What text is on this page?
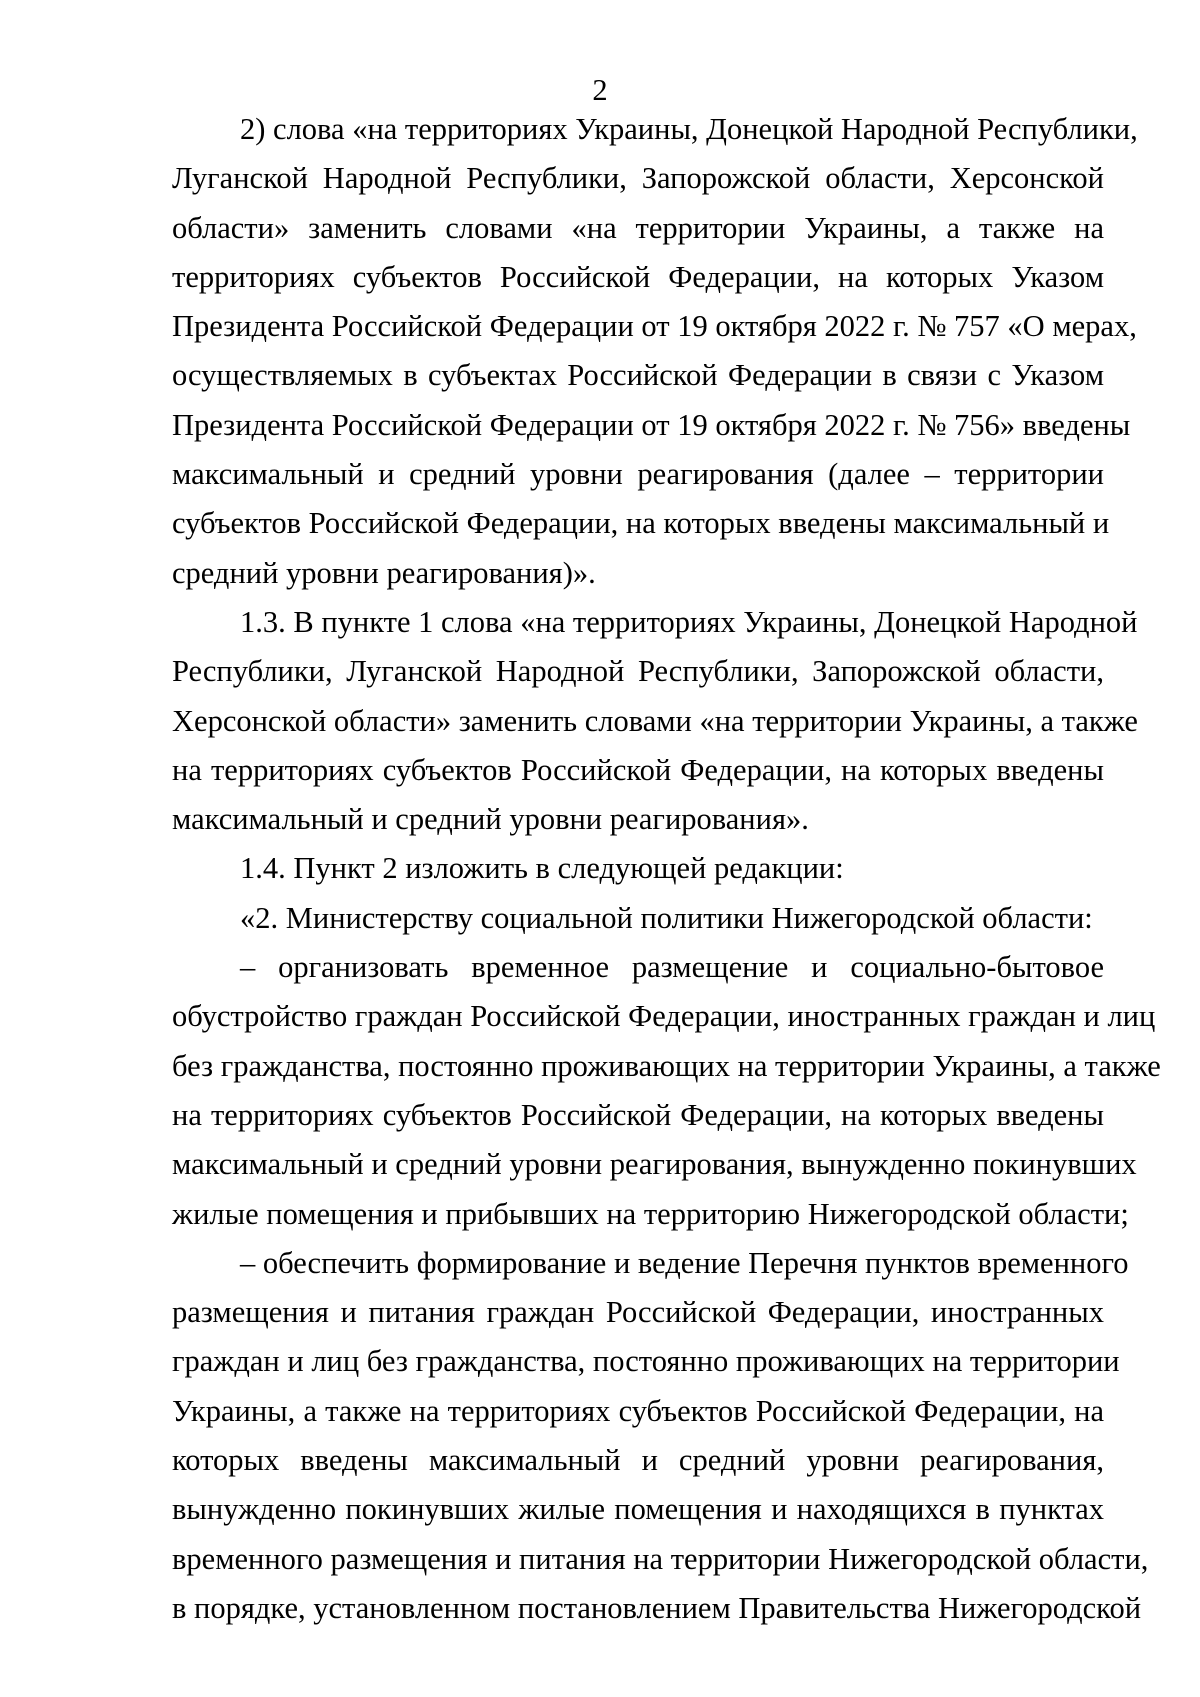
2

2) слова «на территориях Украины, Донецкой Народной Республики,
Луганской Народной Республики, Запорожской области, Херсонской
области» заменить словами «на территории Украины, а также на
территориях субъектов Российской Федерации, на которых Указом
Президента Российской Федерации от 19 октября 2022 г. № 757 «О мерах,
осуществляемых в субъектах Российской Федерации в связи с Указом
Президента Российской Федерации от 19 октября 2022 г. № 756» введены
максимальный и средний уровни реагирования (далее – территории
субъектов Российской Федерации, на которых введены максимальный и
средний уровни реагирования)».

1.3. В пункте 1 слова «на территориях Украины, Донецкой Народной
Республики, Луганской Народной Республики, Запорожской области,
Херсонской области» заменить словами «на территории Украины, а также
на территориях субъектов Российской Федерации, на которых введены
максимальный и средний уровни реагирования».

1.4. Пункт 2 изложить в следующей редакции:

«2. Министерству социальной политики Нижегородской области:

– организовать временное размещение и социально-бытовое
обустройство граждан Российской Федерации, иностранных граждан и лиц
без гражданства, постоянно проживающих на территории Украины, а также
на территориях субъектов Российской Федерации, на которых введены
максимальный и средний уровни реагирования, вынужденно покинувших
жилые помещения и прибывших на территорию Нижегородской области;

– обеспечить формирование и ведение Перечня пунктов временного
размещения и питания граждан Российской Федерации, иностранных
граждан и лиц без гражданства, постоянно проживающих на территории
Украины, а также на территориях субъектов Российской Федерации, на
которых введены максимальный и средний уровни реагирования,
вынужденно покинувших жилые помещения и находящихся в пунктах
временного размещения и питания на территории Нижегородской области,
в порядке, установленном постановлением Правительства Нижегородской
